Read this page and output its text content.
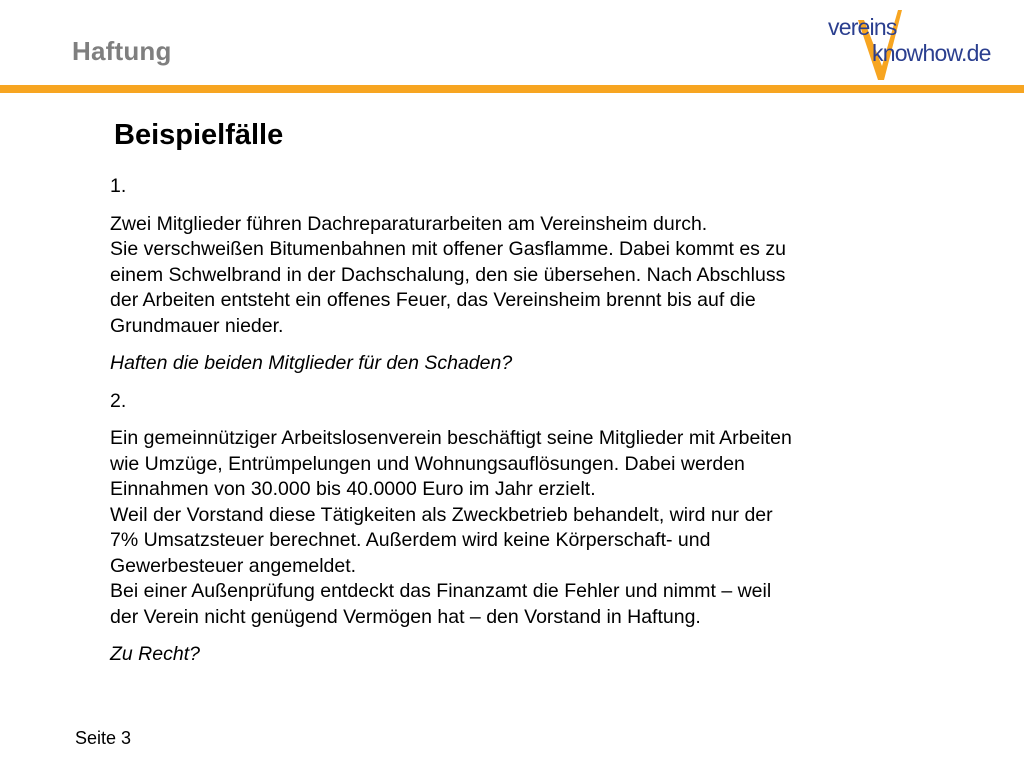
Haftung
vereins
knowhow.de
Beispielfälle

1.

Zwei Mitglieder führen Dachreparaturarbeiten am Vereinsheim durch.
Sie verschweißen Bitumenbahnen mit offener Gasflamme. Dabei kommt es zu
einem Schwelbrand in der Dachschalung, den sie übersehen. Nach Abschluss
der Arbeiten entsteht ein offenes Feuer, das Vereinsheim brennt bis auf die
Grundmauer nieder.

Haften die beiden Mitglieder für den Schaden?

2.

Ein gemeinnütziger Arbeitslosenverein beschäftigt seine Mitglieder mit Arbeiten
wie Umzüge, Entrümpelungen und Wohnungsauflösungen. Dabei werden
Einnahmen von 30.000 bis 40.0000 Euro im Jahr erzielt.
Weil der Vorstand diese Tätigkeiten als Zweckbetrieb behandelt, wird nur der
7% Umsatzsteuer berechnet. Außerdem wird keine Körperschaft- und
Gewerbesteuer angemeldet.
Bei einer Außenprüfung entdeckt das Finanzamt die Fehler und nimmt – weil
der Verein nicht genügend Vermögen hat – den Vorstand in Haftung.

Zu Recht?

Seite 3
